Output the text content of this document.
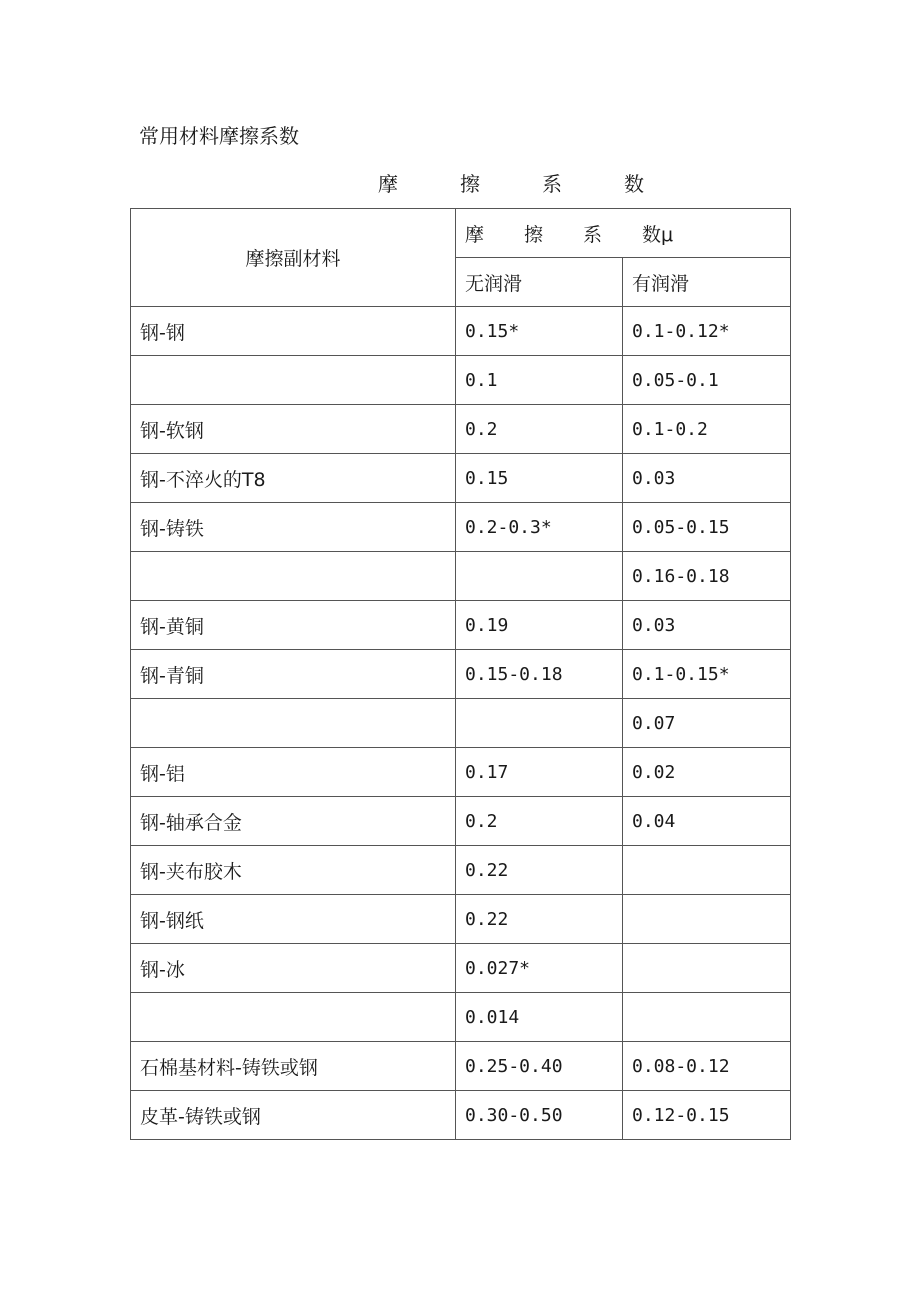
常用材料摩擦系数
摩	擦	系	数
摩擦副材料	摩 擦 系 数μ	
	无润滑	有润滑
钢-钢	0.15*	0.1-0.12*
	0.1	0.05-0.1
钢-软钢	0.2	0.1-0.2
钢-不淬火的T8	0.15	0.03
钢-铸铁	0.2-0.3*	0.05-0.15
		0.16-0.18
钢-黄铜	0.19	0.03
钢-青铜	0.15-0.18	0.1-0.15*
		0.07
钢-铝	0.17	0.02
钢-轴承合金	0.2	0.04
钢-夹布胶木	0.22	
钢-钢纸	0.22	
钢-冰	0.027*	
	0.014	
石棉基材料-铸铁或钢	0.25-0.40	0.08-0.12
皮革-铸铁或钢	0.30-0.50	0.12-0.15
